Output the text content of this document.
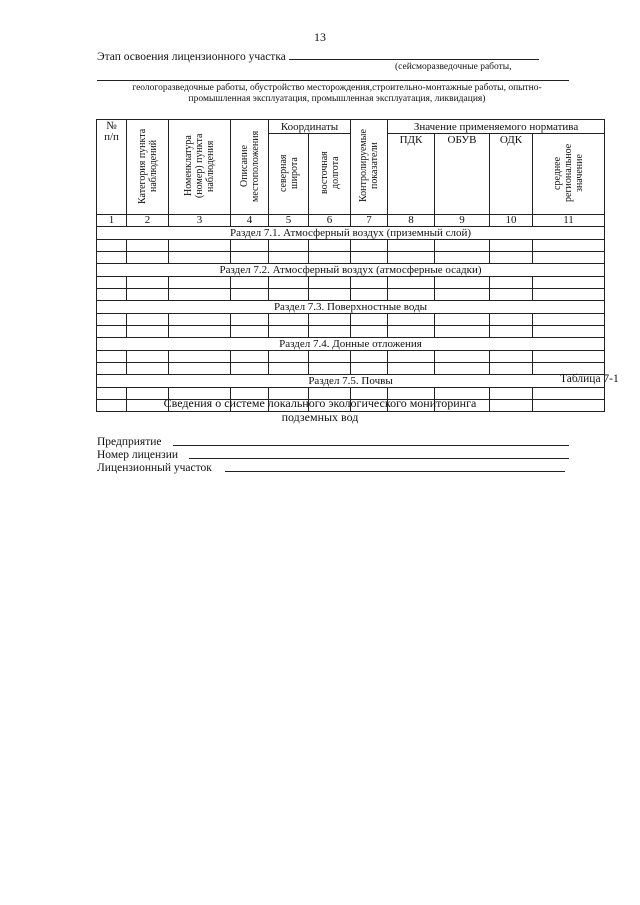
13
Этап освоения лицензионного участка
(сейсморазведочные работы,
геологоразведочные работы, обустройство месторождения,строительно-монтажные работы, опытно-
промышленная эксплуатация, промышленная эксплуатация, ликвидация)
№
п/п	Категория пункта наблюдений	Номенклатура (номер) пункта наблюдения	Описание местоположения	Координаты		Контролируемые показатели	Значение применяемого норматива			
				северная широта	восточная долгота		ПДК	ОБУВ	ОДК	среднее региональное значение
1	2	3	4	5	6	7	8	9	10	11
Раздел 7.1. Атмосферный воздух (приземный слой)										

Раздел 7.2. Атмосферный воздух (атмосферные осадки)										

Раздел 7.3. Поверхностные воды										

Раздел 7.4. Донные отложения										

Раздел 7.5. Почвы										

											Таблица 7-1
Сведения о системе локального экологического мониторинга
подземных вод
Предприятие
Номер лицензии
Лицензионный участок
